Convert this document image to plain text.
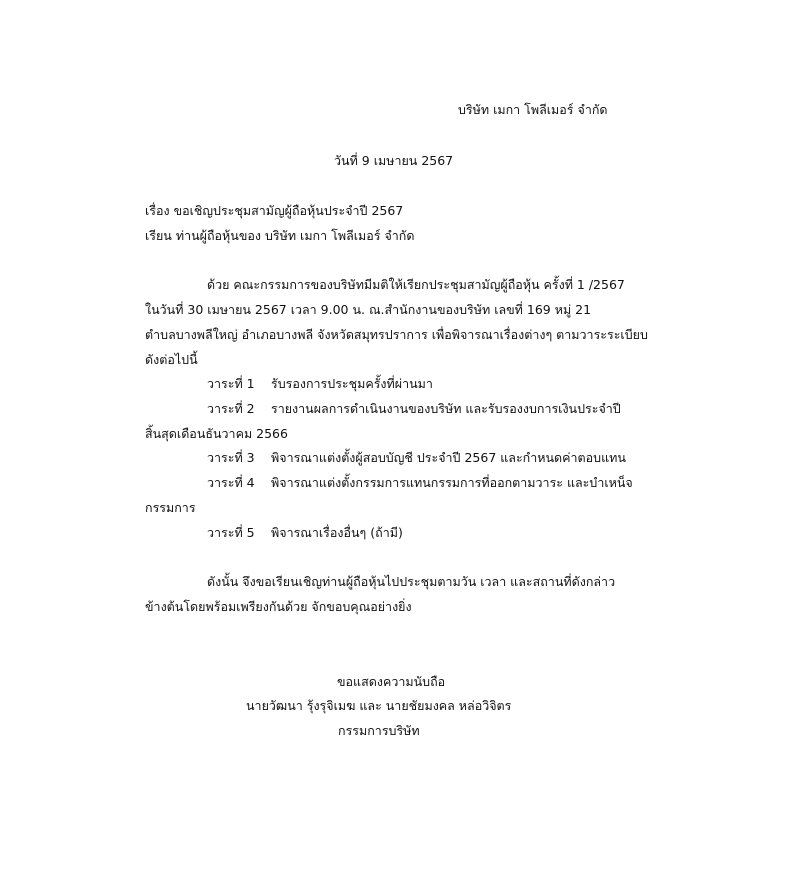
บริษัท เมกา โพลีเมอร์ จำกัด
วันที่ 9 เมษายน 2567
เรื่อง ขอเชิญประชุมสามัญผู้ถือหุ้นประจำปี 2567
เรียน ท่านผู้ถือหุ้นของ บริษัท เมกา โพลีเมอร์ จำกัด
ด้วย คณะกรรมการของบริษัทมีมติให้เรียกประชุมสามัญผู้ถือหุ้น ครั้งที่ 1 /2567
ในวันที่ 30 เมษายน 2567 เวลา 9.00 น. ณ.สำนักงานของบริษัท เลขที่ 169 หมู่ 21
ตำบลบางพลีใหญ่ อำเภอบางพลี จังหวัดสมุทรปราการ เพื่อพิจารณาเรื่องต่างๆ ตามวาระระเบียบ
ดังต่อไปนี้
วาระที่ 1 รับรองการประชุมครั้งที่ผ่านมา
วาระที่ 2 รายงานผลการดำเนินงานของบริษัท และรับรองงบการเงินประจำปี
สิ้นสุดเดือนธันวาคม 2566
วาระที่ 3 พิจารณาแต่งตั้งผู้สอบบัญชี ประจำปี 2567 และกำหนดค่าตอบแทน
วาระที่ 4 พิจารณาแต่งตั้งกรรมการแทนกรรมการที่ออกตามวาระ และบำเหน็จ
กรรมการ
วาระที่ 5 พิจารณาเรื่องอื่นๆ (ถ้ามี)
ดังนั้น จึงขอเรียนเชิญท่านผู้ถือหุ้นไปประชุมตามวัน เวลา และสถานที่ดังกล่าว
ข้างต้นโดยพร้อมเพรียงกันด้วย จักขอบคุณอย่างยิ่ง
ขอแสดงความนับถือ
นายวัฒนา รุ้งรุจิเมฆ และ นายชัยมงคล หล่อวิจิตร
กรรมการบริษัท
